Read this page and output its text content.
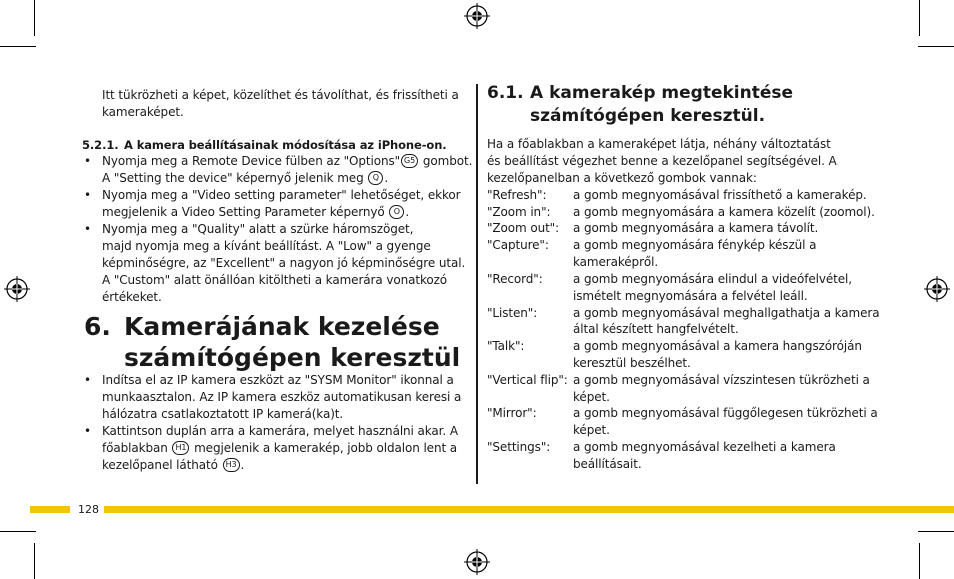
Itt tükrözheti a képet, közelíthet és távolíthat, és frissítheti a
kameraképet.
5.2.1. A kamera beállításainak módosítása az iPhone-on.
• Nyomja meg a Remote Device fülben az "Options" G5 gombot.
A "Setting the device" képernyő jelenik meg Q .
• Nyomja meg a "Video setting parameter" lehetőséget, ekkor
megjelenik a Video Setting Parameter képernyő O .
• Nyomja meg a "Quality" alatt a szürke háromszöget,
majd nyomja meg a kívánt beállítást. A "Low" a gyenge
képminőségre, az "Excellent" a nagyon jó képminőségre utal.
A "Custom" alatt önállóan kitöltheti a kamerára vonatkozó
értékeket.
6. Kamerájának kezelése
számítógépen keresztül
• Indítsa el az IP kamera eszközt az "SYSM Monitor" ikonnal a
munkaasztalon. Az IP kamera eszköz automatikusan keresi a
hálózatra csatlakoztatott IP kamerá(ka)t.
• Kattintson duplán arra a kamerára, melyet használni akar. A
főablakban H1 megjelenik a kamerakép, jobb oldalon lent a
kezelőpanel látható H3 .
6.1. A kamerakép megtekintése
számítógépen keresztül.
Ha a főablakban a kameraképet látja, néhány változtatást
és beállítást végezhet benne a kezelőpanel segítségével. A
kezelőpanelban a következő gombok vannak:
"Refresh": a gomb megnyomásával frissíthető a kamerakép.
"Zoom in": a gomb megnyomására a kamera közelít (zoomol).
"Zoom out": a gomb megnyomására a kamera távolít.
"Capture": a gomb megnyomására fénykép készül a
kameraképről.
"Record":	a gomb megnyomására elindul a videófelvétel,
ismételt megnyomására a felvétel leáll.
"Listen":	a gomb megnyomásával meghallgathatja a kamera
által készített hangfelvételt.
"Talk":	a gomb megnyomásával a kamera hangszóróján
keresztül beszélhet.
"Vertical flip": a gomb megnyomásával vízszintesen tükrözheti a
képet.
"Mirror":	a gomb megnyomásával függőlegesen tükrözheti a
képet.
"Settings": a gomb megnyomásával kezelheti a kamera
beállításait.
128
